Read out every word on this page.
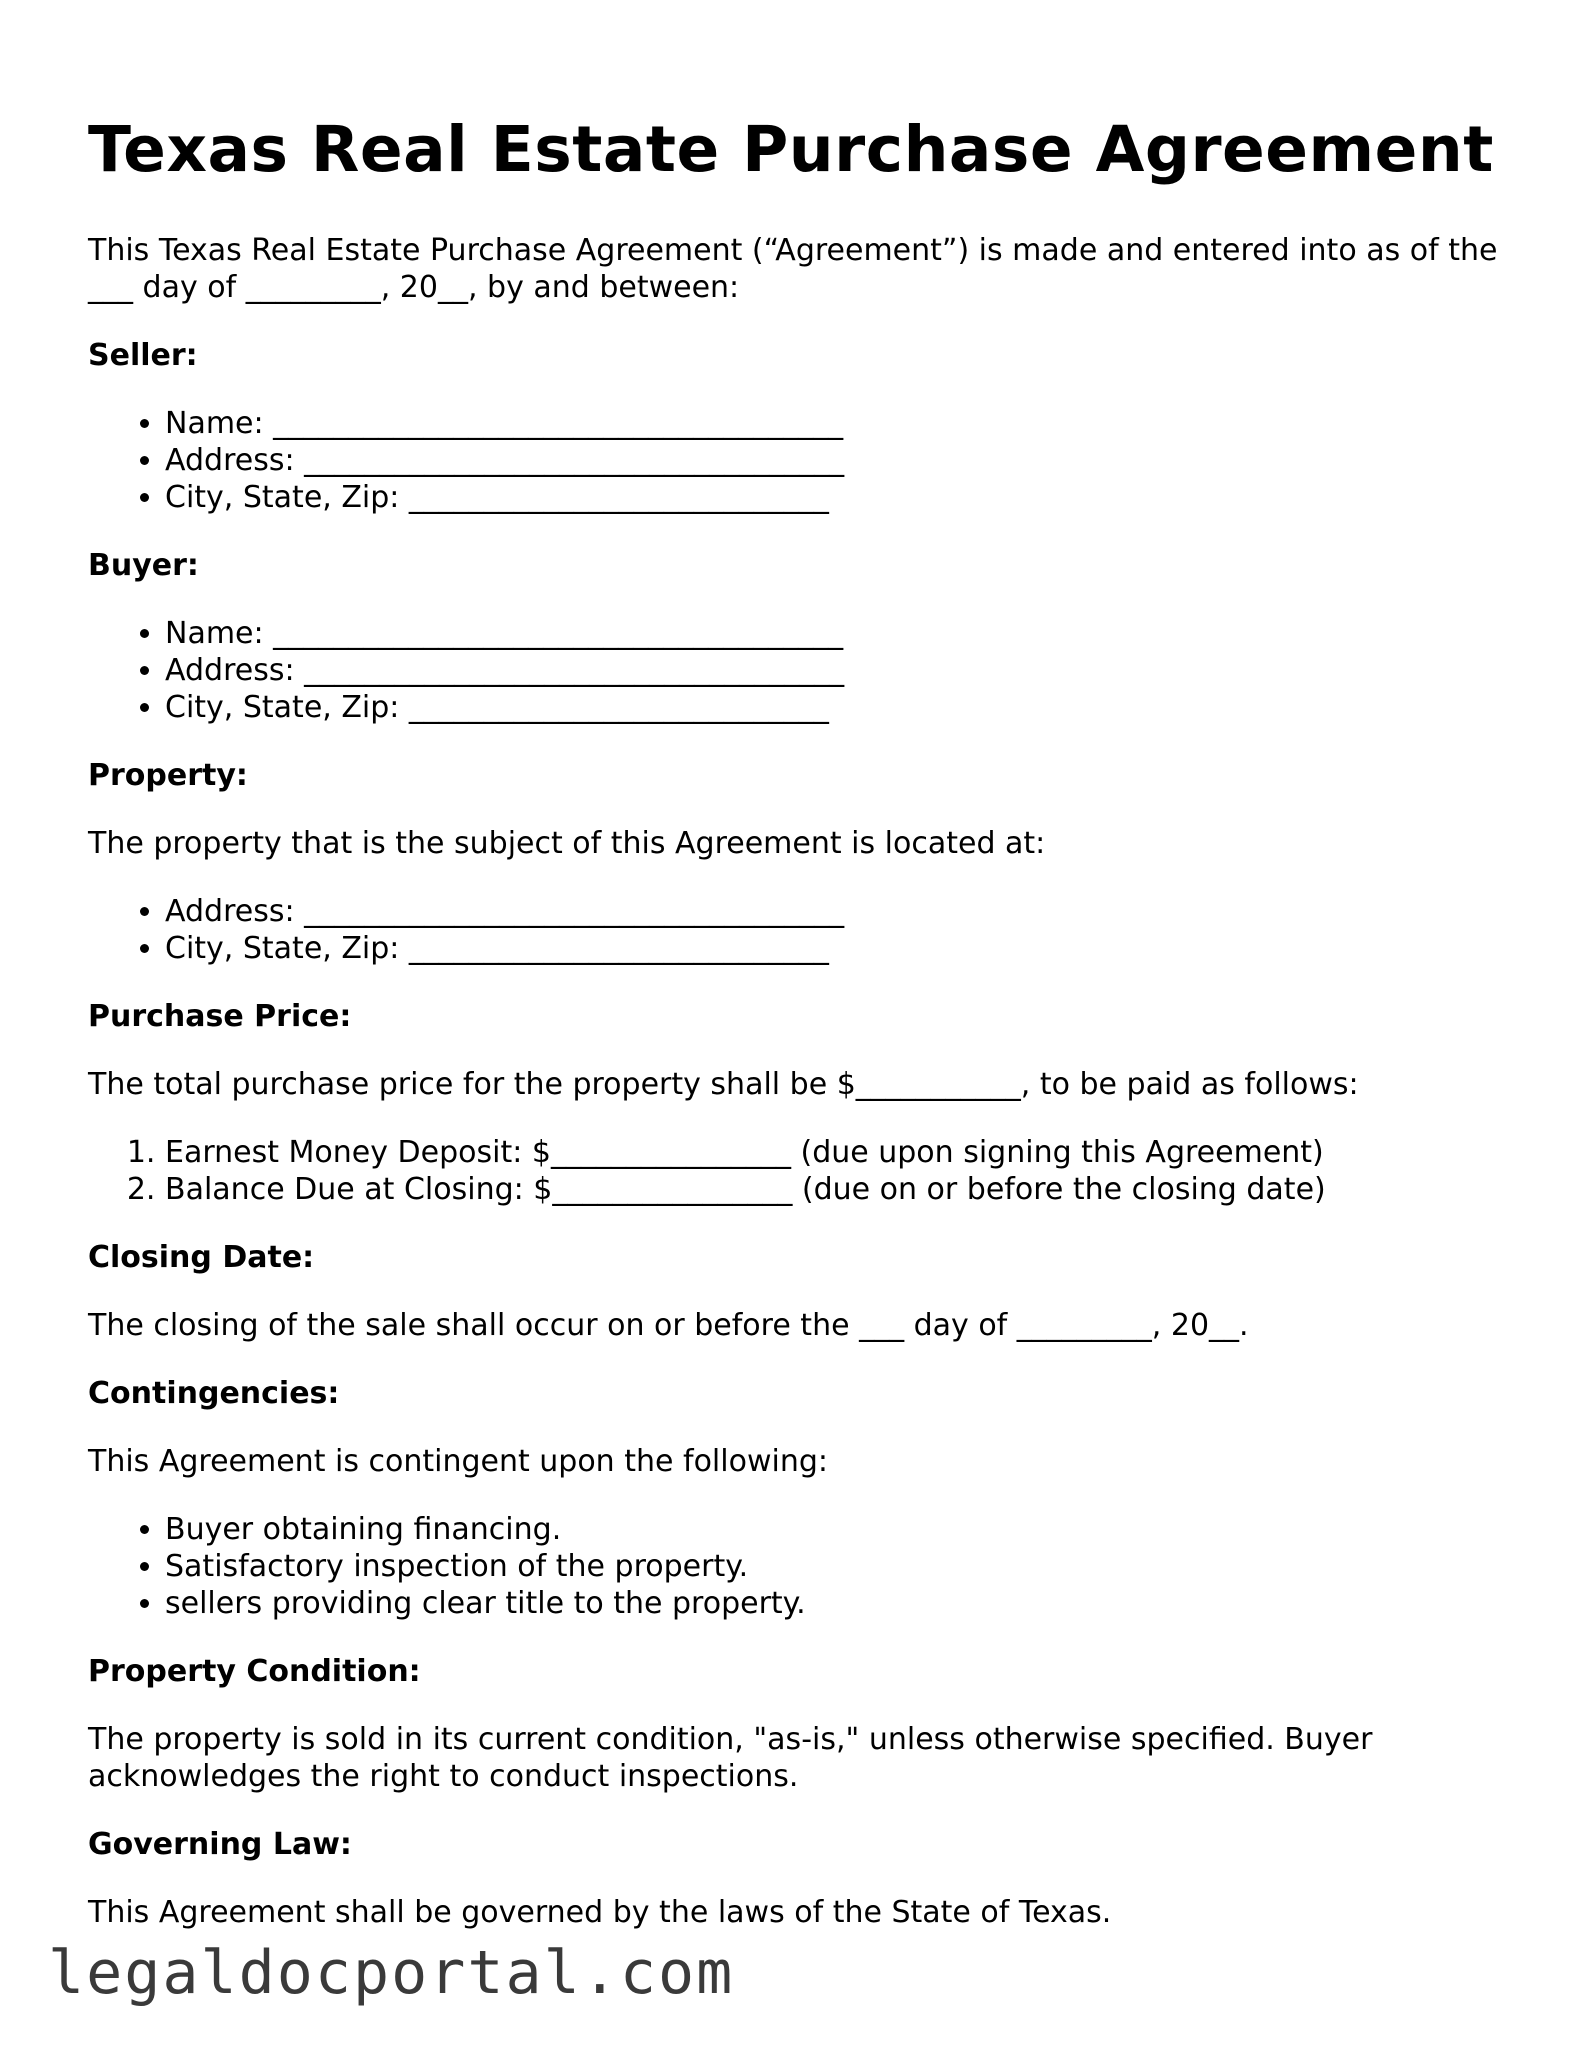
Texas Real Estate Purchase Agreement

This Texas Real Estate Purchase Agreement (“Agreement”) is made and entered into as of the ___ day of _________, 20__, by and between:

Seller:
• Name: ______________________________________
• Address: ____________________________________
• City, State, Zip: ____________________________
Buyer:
• Name: ______________________________________
• Address: ____________________________________
• City, State, Zip: ____________________________
Property:

The property that is the subject of this Agreement is located at:

• Address: ____________________________________
• City, State, Zip: ____________________________
Purchase Price:

The total purchase price for the property shall be $___________, to be paid as follows:

1. Earnest Money Deposit: $________________ (due upon signing this Agreement)
2. Balance Due at Closing: $________________ (due on or before the closing date)
Closing Date:

The closing of the sale shall occur on or before the ___ day of _________, 20__.

Contingencies:

This Agreement is contingent upon the following:

• Buyer obtaining financing.
• Satisfactory inspection of the property.
• sellers providing clear title to the property.
Property Condition:

The property is sold in its current condition, "as-is," unless otherwise specified. Buyer acknowledges the right to conduct inspections.

Governing Law:

This Agreement shall be governed by the laws of the State of Texas.

legaldocportal.com
